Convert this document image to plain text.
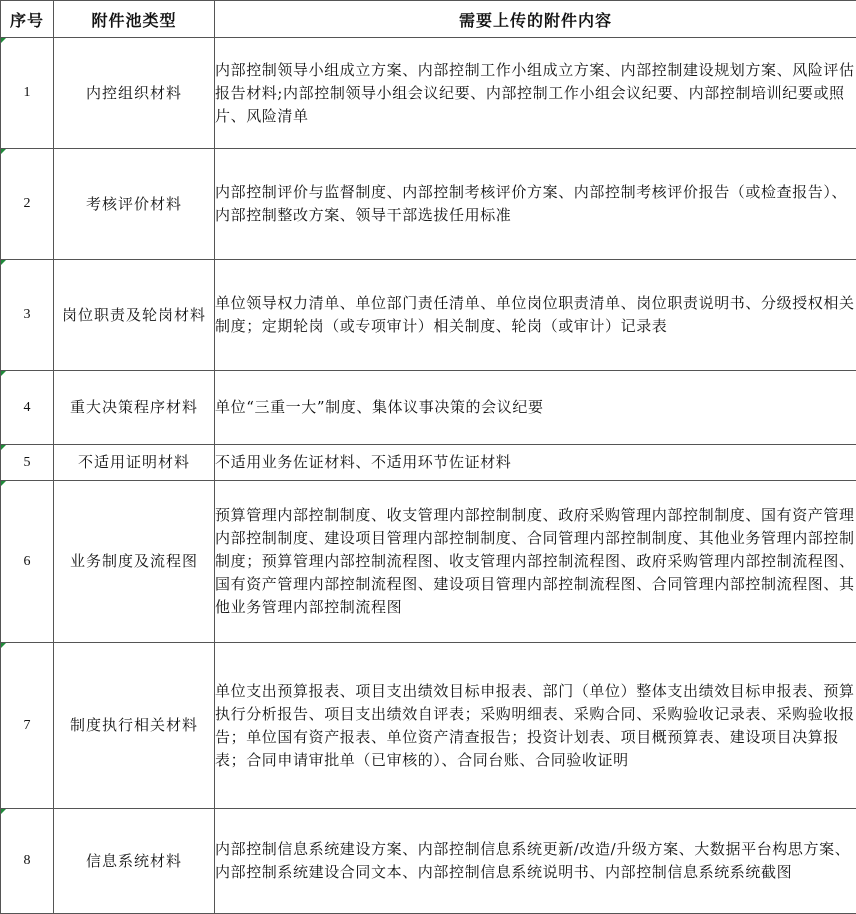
序号	附件池类型	需要上传的附件内容

1	内控组织材料	内部控制领导小组成立方案、内部控制工作小组成立方案、内部控制建设规划方案、风险评估报告材料;内部控制领导小组会议纪要、内部控制工作小组会议纪要、内部控制培训纪要或照片、风险清单

2	考核评价材料	内部控制评价与监督制度、内部控制考核评价方案、内部控制考核评价报告（或检查报告）、内部控制整改方案、领导干部选拔任用标准

3	岗位职责及轮岗材料	单位领导权力清单、单位部门责任清单、单位岗位职责清单、岗位职责说明书、分级授权相关制度；定期轮岗（或专项审计）相关制度、轮岗（或审计）记录表

4	重大决策程序材料	单位“三重一大”制度、集体议事决策的会议纪要

5	不适用证明材料	不适用业务佐证材料、不适用环节佐证材料

6	业务制度及流程图	预算管理内部控制制度、收支管理内部控制制度、政府采购管理内部控制制度、国有资产管理内部控制制度、建设项目管理内部控制制度、合同管理内部控制制度、其他业务管理内部控制制度；预算管理内部控制流程图、收支管理内部控制流程图、政府采购管理内部控制流程图、国有资产管理内部控制流程图、建设项目管理内部控制流程图、合同管理内部控制流程图、其他业务管理内部控制流程图

7	制度执行相关材料	单位支出预算报表、项目支出绩效目标申报表、部门（单位）整体支出绩效目标申报表、预算执行分析报告、项目支出绩效自评表；采购明细表、采购合同、采购验收记录表、采购验收报告；单位国有资产报表、单位资产清查报告；投资计划表、项目概预算表、建设项目决算报表；合同申请审批单（已审核的）、合同台账、合同验收证明

8	信息系统材料	内部控制信息系统建设方案、内部控制信息系统更新/改造/升级方案、大数据平台构思方案、内部控制系统建设合同文本、内部控制信息系统说明书、内部控制信息系统系统截图
